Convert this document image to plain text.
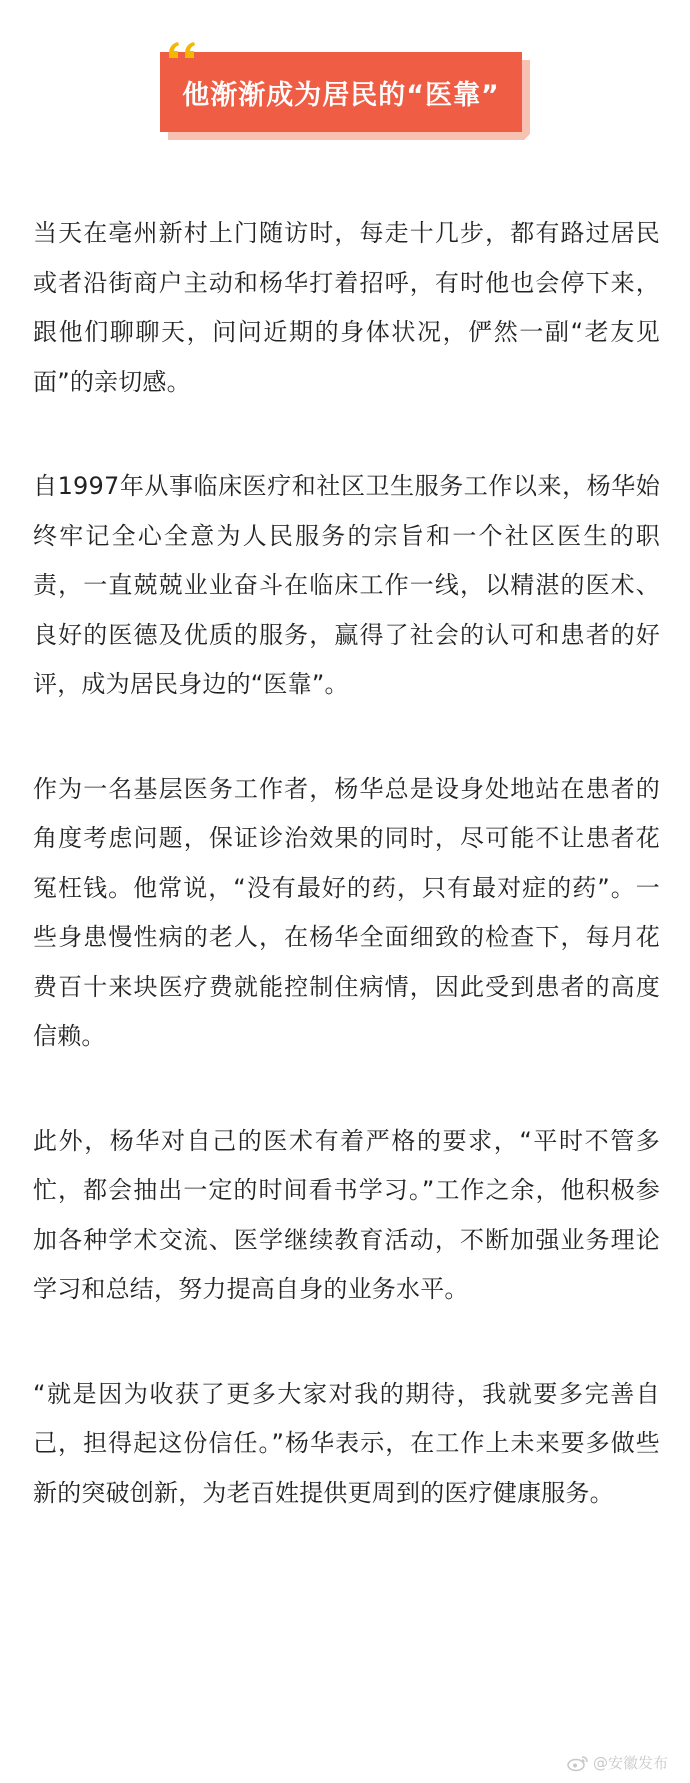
他渐渐成为居民的“医靠”

当天在亳州新村上门随访时，每走十几步，都有路过居民或者沿街商户主动和杨华打着招呼，有时他也会停下来，跟他们聊聊天，问问近期的身体状况，俨然一副“老友见面”的亲切感。

自1997年从事临床医疗和社区卫生服务工作以来，杨华始终牢记全心全意为人民服务的宗旨和一个社区医生的职责，一直兢兢业业奋斗在临床工作一线，以精湛的医术、良好的医德及优质的服务，赢得了社会的认可和患者的好评，成为居民身边的“医靠”。

作为一名基层医务工作者，杨华总是设身处地站在患者的角度考虑问题，保证诊治效果的同时，尽可能不让患者花冤枉钱。他常说，“没有最好的药，只有最对症的药”。一些身患慢性病的老人，在杨华全面细致的检查下，每月花费百十来块医疗费就能控制住病情，因此受到患者的高度信赖。

此外，杨华对自己的医术有着严格的要求，“平时不管多忙，都会抽出一定的时间看书学习。”工作之余，他积极参加各种学术交流、医学继续教育活动，不断加强业务理论学习和总结，努力提高自身的业务水平。

“就是因为收获了更多大家对我的期待，我就要多完善自己，担得起这份信任。”杨华表示，在工作上未来要多做些新的突破创新，为老百姓提供更周到的医疗健康服务。

@安徽发布
